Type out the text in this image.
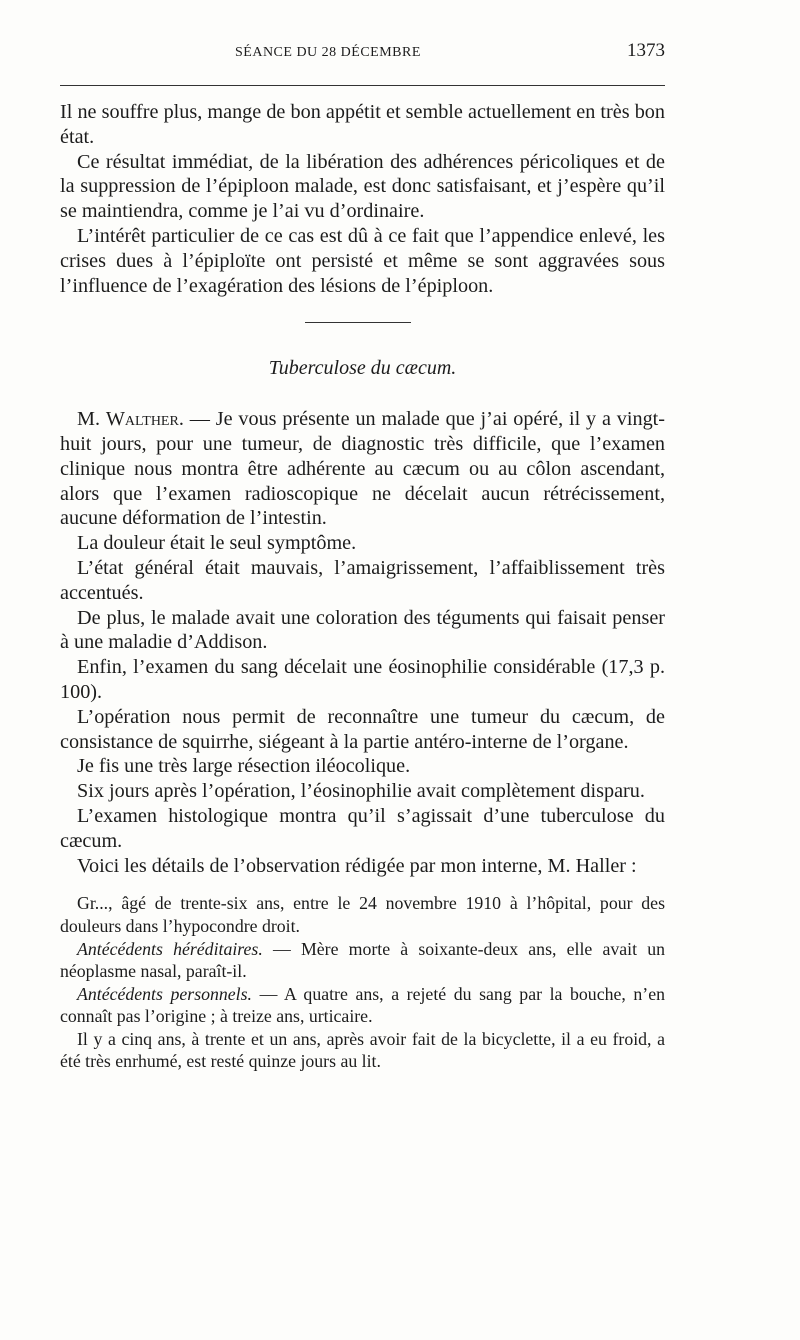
SÉANCE DU 28 DÉCEMBRE	1373

Il ne souffre plus, mange de bon appétit et semble actuellement en très bon état.

Ce résultat immédiat, de la libération des adhérences péricoliques et de la suppression de l’épiploon malade, est donc satisfaisant, et j’espère qu’il se maintiendra, comme je l’ai vu d’ordinaire.

L’intérêt particulier de ce cas est dû à ce fait que l’appendice enlevé, les crises dues à l’épiploïte ont persisté et même se sont aggravées sous l’influence de l’exagération des lésions de l’épiploon.

Tuberculose du cæcum.

M. Walther. — Je vous présente un malade que j’ai opéré, il y a vingt-huit jours, pour une tumeur, de diagnostic très difficile, que l’examen clinique nous montra être adhérente au cæcum ou au côlon ascendant, alors que l’examen radioscopique ne décelait aucun rétrécissement, aucune déformation de l’intestin.

La douleur était le seul symptôme.

L’état général était mauvais, l’amaigrissement, l’affaiblissement très accentués.

De plus, le malade avait une coloration des téguments qui faisait penser à une maladie d’Addison.

Enfin, l’examen du sang décelait une éosinophilie considérable (17,3 p. 100).

L’opération nous permit de reconnaître une tumeur du cæcum, de consistance de squirrhe, siégeant à la partie antéro-interne de l’organe.

Je fis une très large résection iléocolique.

Six jours après l’opération, l’éosinophilie avait complètement disparu.

L’examen histologique montra qu’il s’agissait d’une tuberculose du cæcum.

Voici les détails de l’observation rédigée par mon interne, M. Haller :

Gr..., âgé de trente-six ans, entre le 24 novembre 1910 à l’hôpital, pour des douleurs dans l’hypocondre droit.

Antécédents héréditaires. — Mère morte à soixante-deux ans, elle avait un néoplasme nasal, paraît-il.

Antécédents personnels. — A quatre ans, a rejeté du sang par la bouche, n’en connaît pas l’origine ; à treize ans, urticaire.

Il y a cinq ans, à trente et un ans, après avoir fait de la bicyclette, il a eu froid, a été très enrhumé, est resté quinze jours au lit.
